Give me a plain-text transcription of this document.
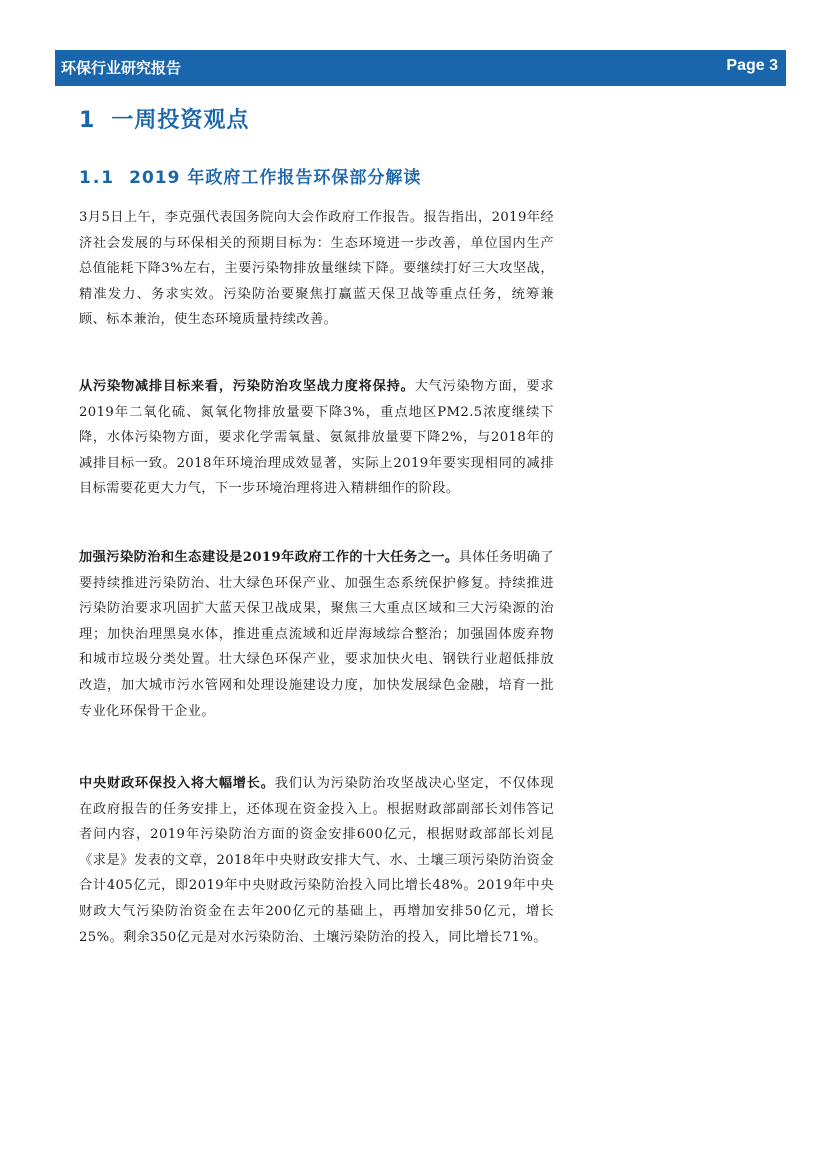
环保行业研究报告	Page 3
1 一周投资观点
1.1 2019 年政府工作报告环保部分解读
3月5日上午，李克强代表国务院向大会作政府工作报告。报告指出，2019年经济社会发展的与环保相关的预期目标为：生态环境进一步改善，单位国内生产总值能耗下降3%左右，主要污染物排放量继续下降。要继续打好三大攻坚战，精准发力、务求实效。污染防治要聚焦打赢蓝天保卫战等重点任务，统筹兼顾、标本兼治，使生态环境质量持续改善。
从污染物减排目标来看，污染防治攻坚战力度将保持。大气污染物方面，要求2019年二氧化硫、氮氧化物排放量要下降3%，重点地区PM2.5浓度继续下降，水体污染物方面，要求化学需氧量、氨氮排放量要下降2%，与2018年的减排目标一致。2018年环境治理成效显著，实际上2019年要实现相同的减排目标需要花更大力气，下一步环境治理将进入精耕细作的阶段。
加强污染防治和生态建设是2019年政府工作的十大任务之一。具体任务明确了要持续推进污染防治、壮大绿色环保产业、加强生态系统保护修复。持续推进污染防治要求巩固扩大蓝天保卫战成果，聚焦三大重点区域和三大污染源的治理；加快治理黑臭水体，推进重点流域和近岸海域综合整治；加强固体废弃物和城市垃圾分类处置。壮大绿色环保产业，要求加快火电、钢铁行业超低排放改造，加大城市污水管网和处理设施建设力度，加快发展绿色金融，培育一批专业化环保骨干企业。
中央财政环保投入将大幅增长。我们认为污染防治攻坚战决心坚定，不仅体现在政府报告的任务安排上，还体现在资金投入上。根据财政部副部长刘伟答记者问内容，2019年污染防治方面的资金安排600亿元，根据财政部部长刘昆《求是》发表的文章，2018年中央财政安排大气、水、土壤三项污染防治资金合计405亿元，即2019年中央财政污染防治投入同比增长48%。2019年中央财政大气污染防治资金在去年200亿元的基础上，再增加安排50亿元，增长25%。剩余350亿元是对水污染防治、土壤污染防治的投入，同比增长71%。
